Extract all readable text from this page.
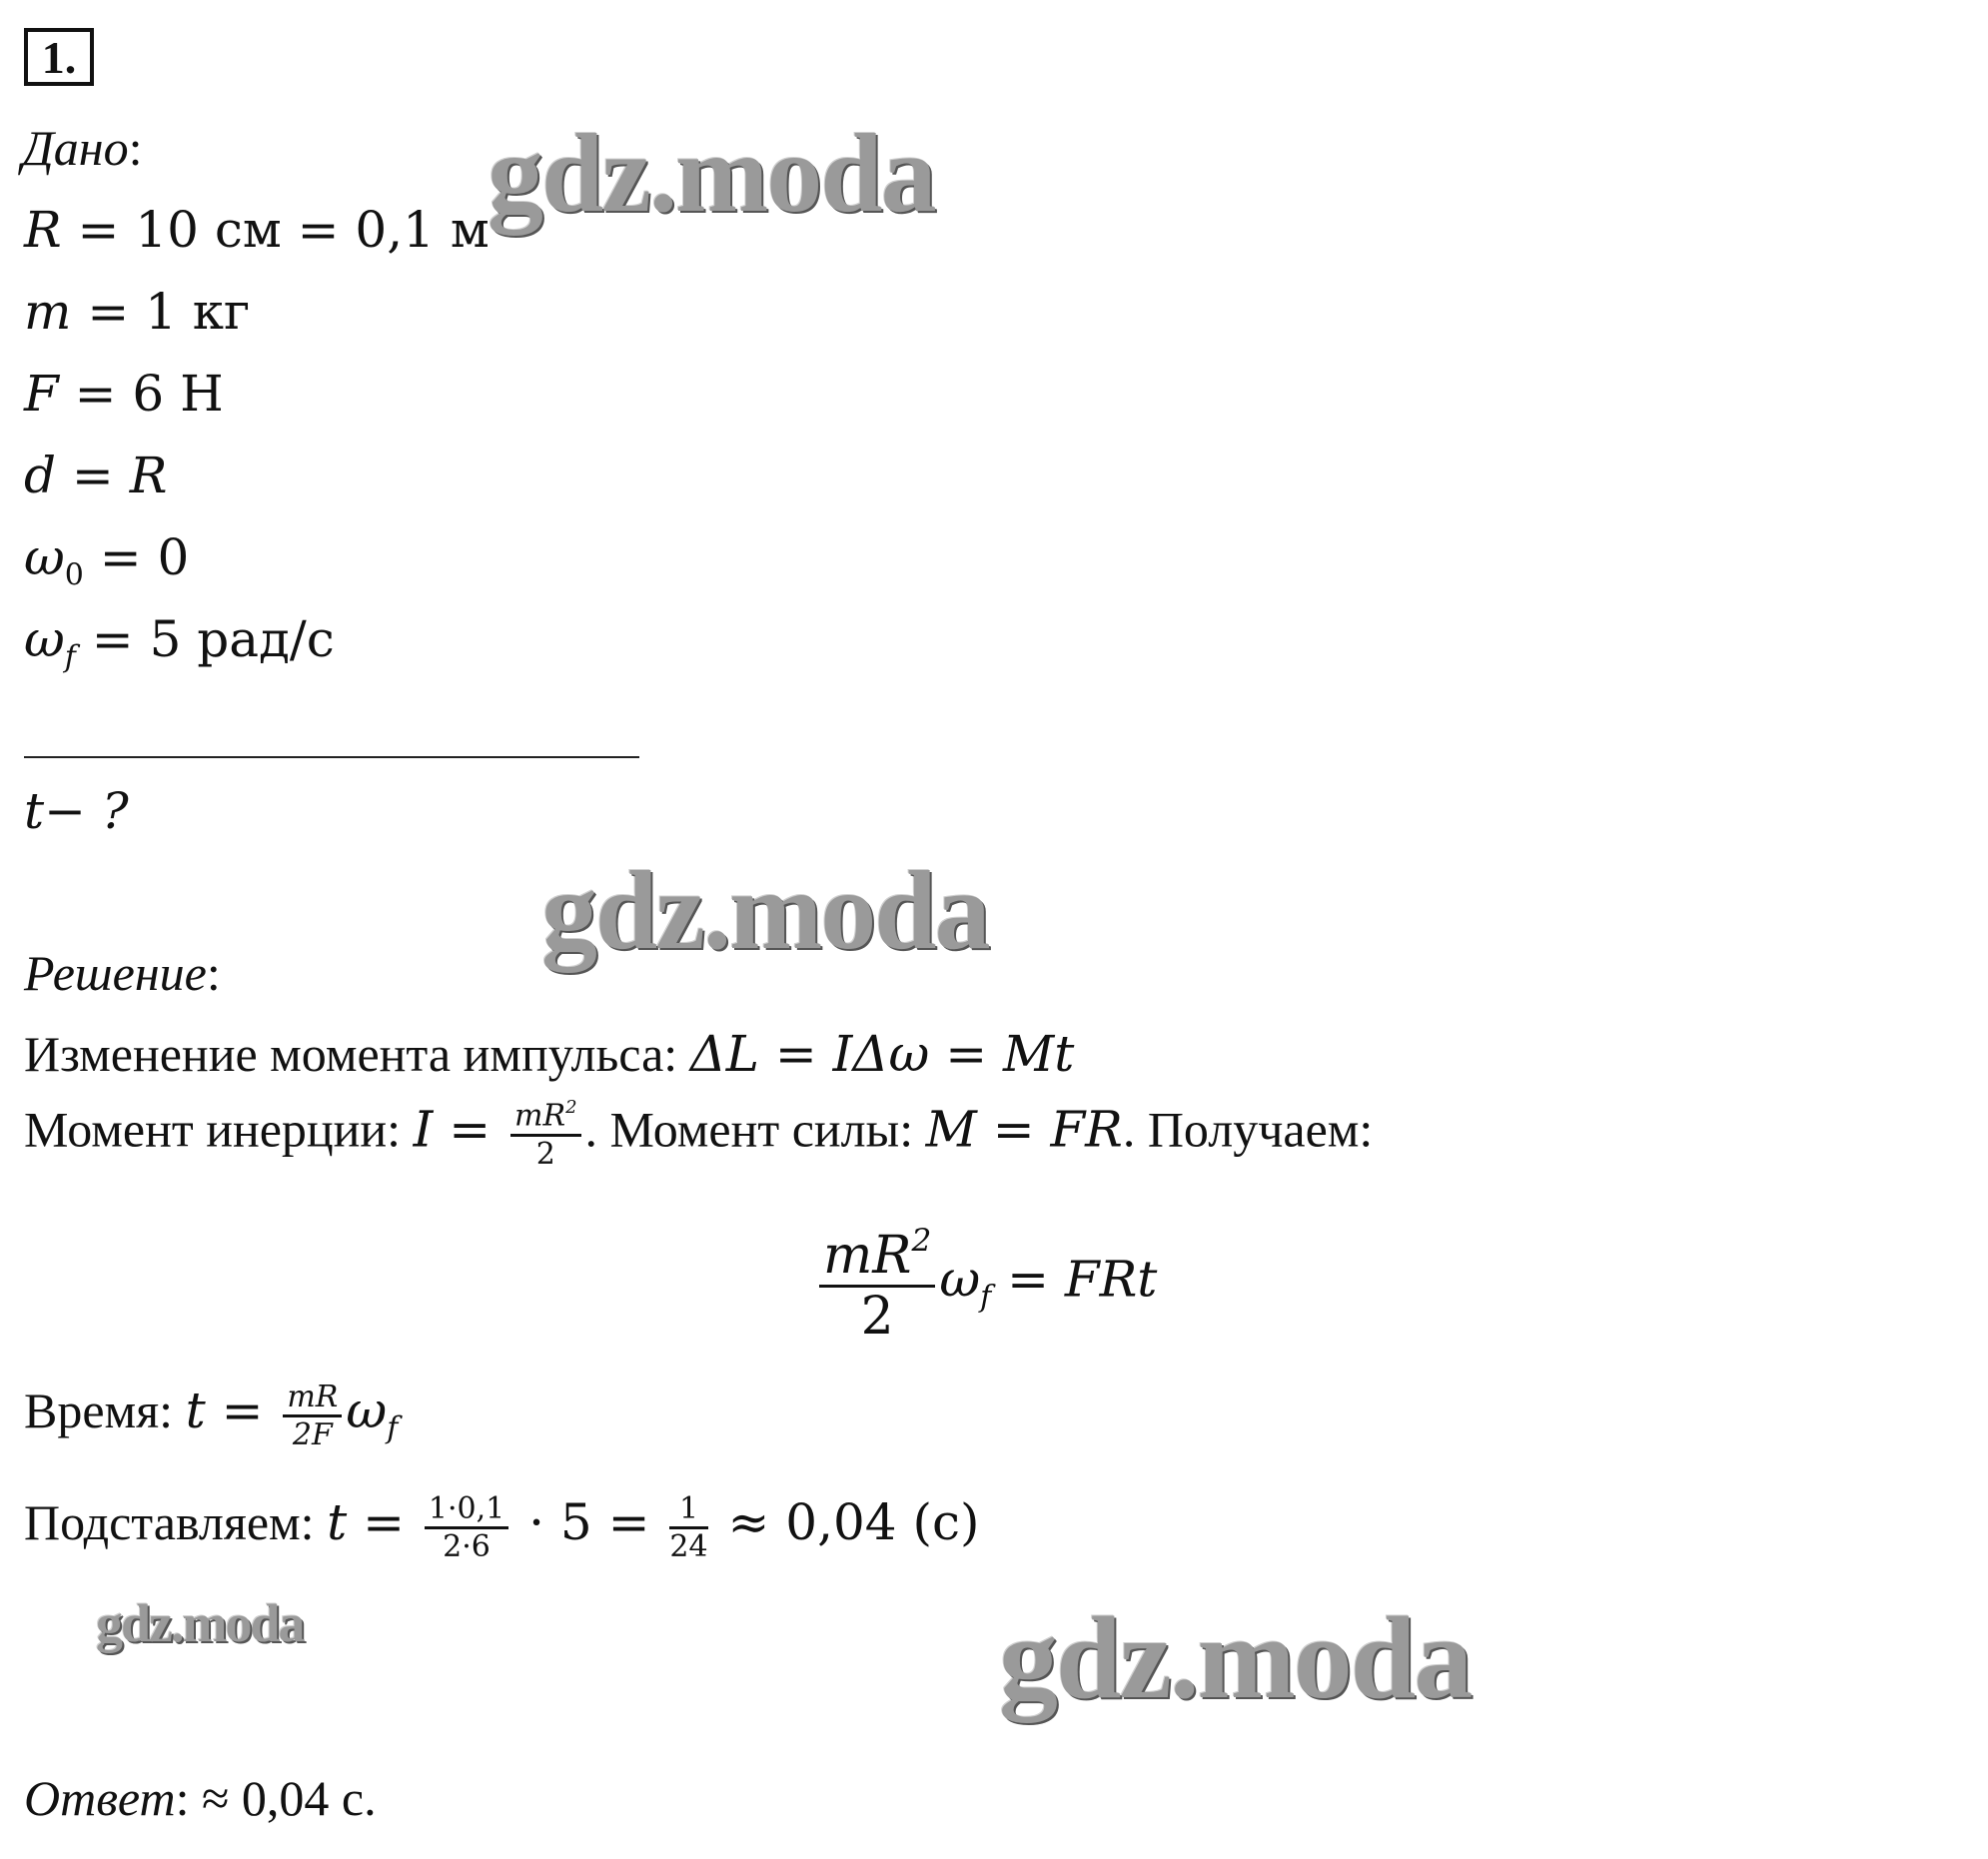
1.
Дано:
R = 10 см = 0,1 м
m = 1 кг
F = 6 Н
d = R
$\omega_0 = 0$
$\omega_f = 5$ рад/с
t− ?
Решение:
Изменение момента импульса: ΔL = IΔω = Mt
Момент инерции: $I = \frac{mR^2}{2}$ . Момент силы: M = FR. Получаем:
$\frac{mR^2}{2} \omega_f$ = FRt
Время: $t = \frac{mR}{2F} \omega_f$
Подставляем: $t = \frac{1\cdot 0,1}{2\cdot 6} \cdot 5 = \frac{1}{24} \approx 0,04$ (c)
Ответ: ≈ 0,04 с.
gdz.moda
gdz.moda
gdz.moda	gdz.moda
